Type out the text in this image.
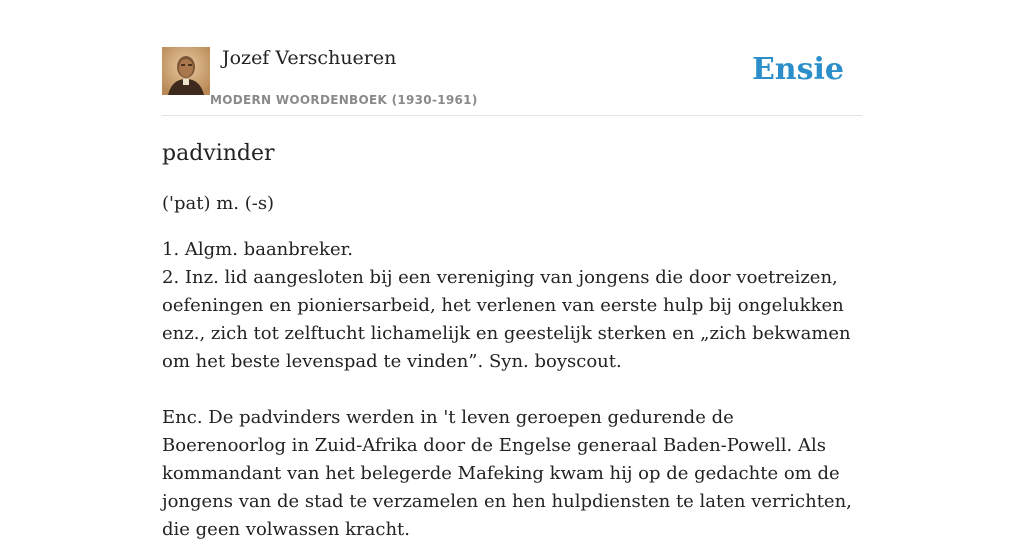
Jozef Verschueren
MODERN WOORDENBOEK (1930-1961)
Ensie
padvinder

('pat) m. (-s)

1. Algm. baanbreker.

2. Inz. lid aangesloten bij een vereniging van jongens die door voetreizen, oefeningen en pioniersarbeid, het verlenen van eerste hulp bij ongelukken enz., zich tot zelftucht lichamelijk en geestelijk sterken en „zich bekwamen om het beste levenspad te vinden”. Syn. boyscout.

Enc. De padvinders werden in 't leven geroepen gedurende de Boerenoorlog in Zuid-Afrika door de Engelse generaal Baden-Powell. Als kommandant van het belegerde Mafeking kwam hij op de gedachte om de jongens van de stad te verzamelen en hen hulpdiensten te laten verrichten, die geen volwassen kracht.
